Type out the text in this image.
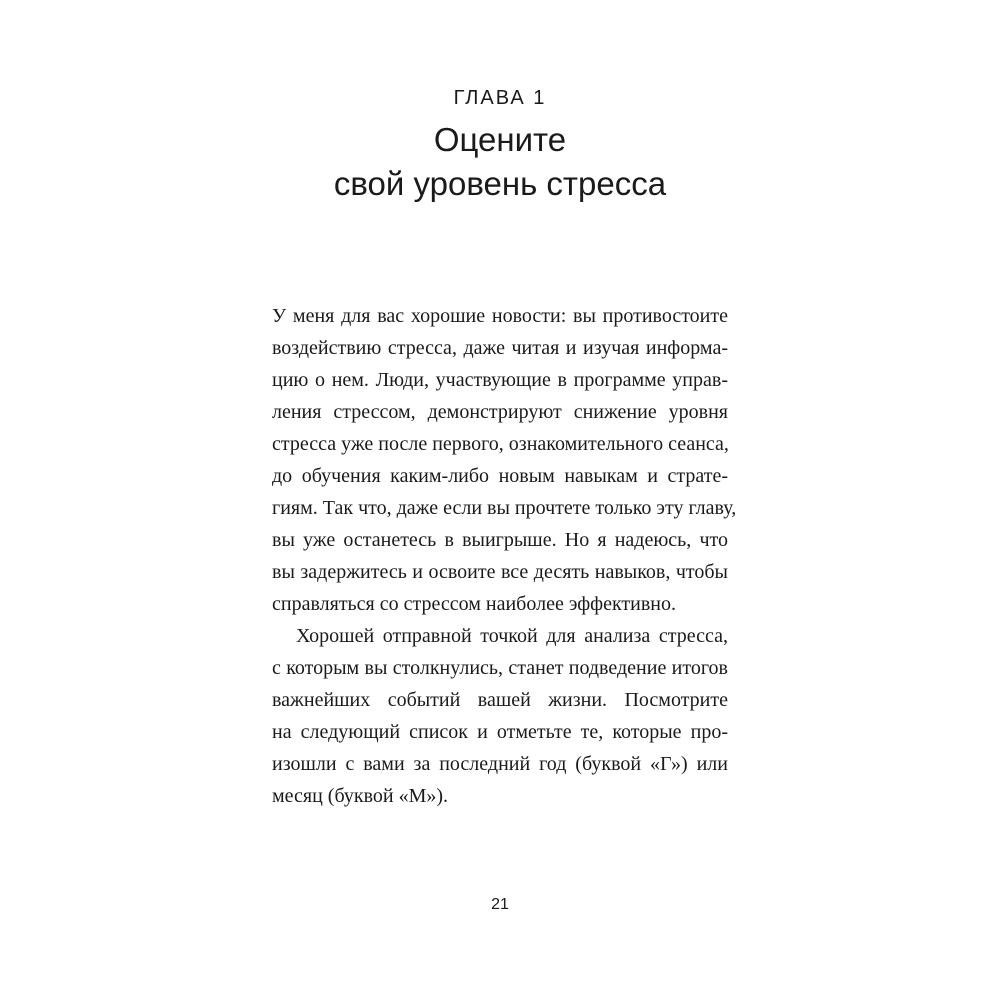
ГЛАВА 1
Оцените
свой уровень стресса
У меня для вас хорошие новости: вы противостоите
воздействию стресса, даже читая и изучая информа-
цию о нем. Люди, участвующие в программе управ-
ления стрессом, демонстрируют снижение уровня
стресса уже после первого, ознакомительного сеанса,
до обучения каким-либо новым навыкам и страте-
гиям. Так что, даже если вы прочтете только эту главу,
вы уже останетесь в выигрыше. Но я надеюсь, что
вы задержитесь и освоите все десять навыков, чтобы
справляться со стрессом наиболее эффективно.
Хорошей отправной точкой для анализа стресса,
с которым вы столкнулись, станет подведение итогов
важнейших событий вашей жизни. Посмотрите
на следующий список и отметьте те, которые про-
изошли с вами за последний год (буквой «Г») или
месяц (буквой «М»).
21
